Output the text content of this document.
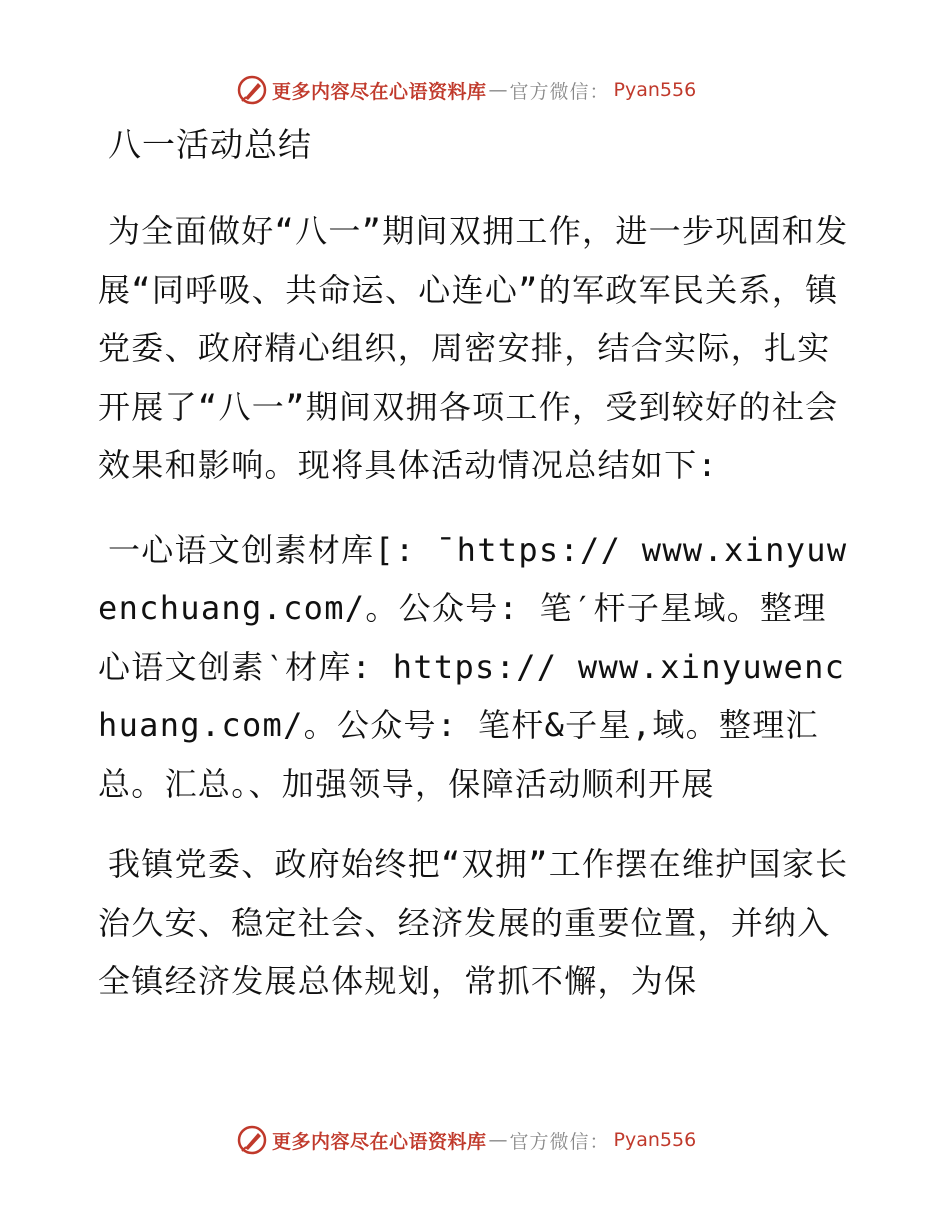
更多内容尽在心语资料库 — 官方微信： Pyan556
八一活动总结

为全面做好“八一”期间双拥工作，进一步巩固和发展“同呼吸、共命运、心连心”的军政军民关系，镇党委、政府精心组织，周密安排，结合实际，扎实开展了“八一”期间双拥各项工作，受到较好的社会效果和影响。现将具体活动情况总结如下:

一心语文创素材库[: ¯https:// www.xinyuwenchuang.com/。公众号: 笔′杆子星域。整理心语文创素‵材库: https:// www.xinyuwenchuang.com/。公众号: 笔杆&子星,域。整理汇总。汇总。、加强领导，保障活动顺利开展

我镇党委、政府始终把“双拥”工作摆在维护国家长治久安、稳定社会、经济发展的重要位置，并纳入全镇经济发展总体规划，常抓不懈，为保

更多内容尽在心语资料库 — 官方微信： Pyan556
